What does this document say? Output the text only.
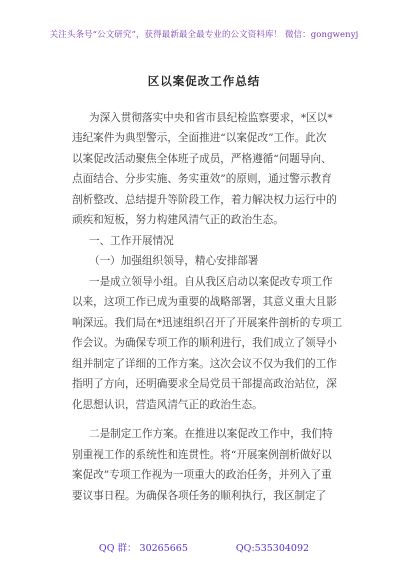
关注头条号“公文研究”，获得最新最全最专业的公文资料库！ 微信：gongwenyj
区以案促改工作总结
为深入贯彻落实中央和省市县纪检监察要求，*区以*
违纪案件为典型警示，全面推进“以案促改”工作。此次
以案促改活动聚焦全体班子成员，严格遵循“问题导向、
点面结合、分步实施、务实重效”的原则，通过警示教育
剖析整改、总结提升等阶段工作，着力解决权力运行中的
顽疾和短板，努力构建风清气正的政治生态。
一、工作开展情况
（一）加强组织领导，精心安排部署
一是成立领导小组。自从我区启动以案促改专项工作
以来，这项工作已成为重要的战略部署，其意义重大且影
响深远。我们局在*迅速组织召开了开展案件剖析的专项工
作会议。为确保专项工作的顺利进行，我们成立了领导小
组并制定了详细的工作方案。这次会议不仅为我们的工作
指明了方向，还明确要求全局党员干部提高政治站位，深
化思想认识，营造风清气正的政治生态。
二是制定工作方案。在推进以案促改工作中，我们特
别重视工作的系统性和连贯性。将“开展案例剖析做好以
案促改”专项工作视为一项重大的政治任务，并列入了重
要议事日程。为确保各项任务的顺利执行，我区制定了
QQ 群： 30265665	QQ:535304092
